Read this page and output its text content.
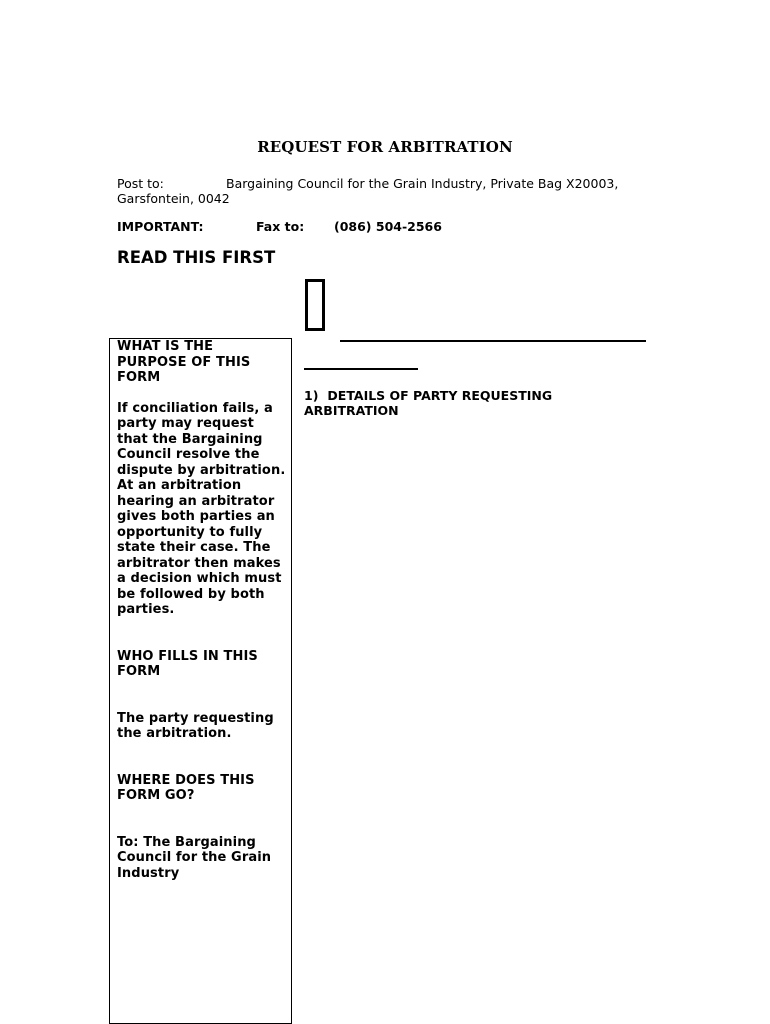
REQUEST FOR ARBITRATION
Post to:	Bargaining Council for the Grain Industry, Private Bag X20003, Garsfontein, 0042
IMPORTANT:	Fax to: (086) 504-2566
READ THIS FIRST

WHAT IS THE PURPOSE OF THIS FORM

If conciliation fails, a party may request that the Bargaining Council resolve the dispute by arbitration. At an arbitration hearing an arbitrator gives both parties an opportunity to fully state their case. The arbitrator then makes a decision which must be followed by both parties.

WHO FILLS IN THIS FORM

The party requesting the arbitration.

WHERE DOES THIS FORM GO?

To: The Bargaining Council for the Grain Industry

1) DETAILS OF PARTY REQUESTING ARBITRATION
